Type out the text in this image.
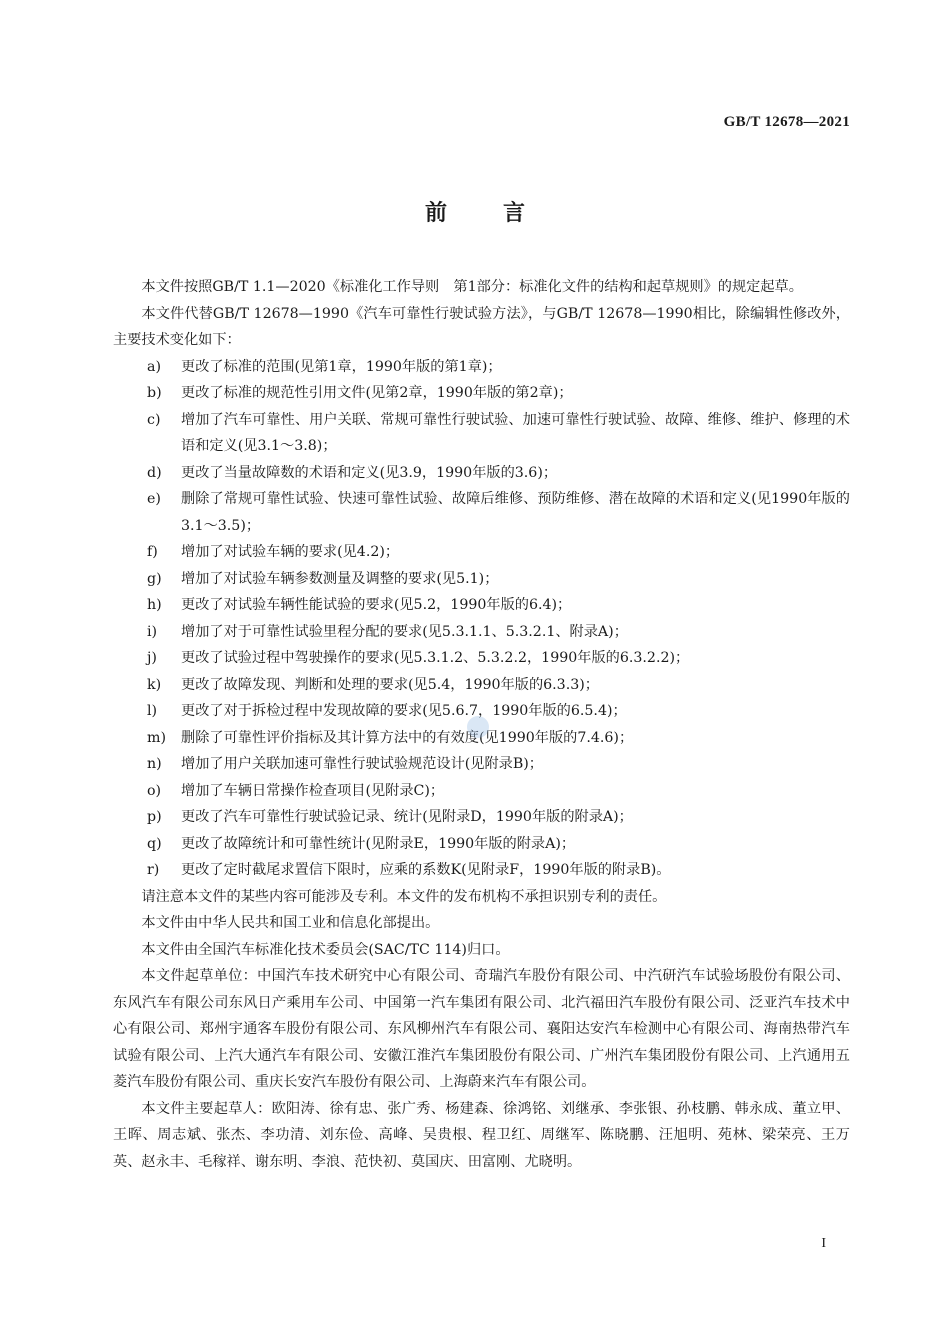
GB/T 12678—2021
前	言

本文件按照GB/T 1.1—2020《标准化工作导则　第1部分：标准化文件的结构和起草规则》的规定起草。

本文件代替GB/T 12678—1990《汽车可靠性行驶试验方法》，与GB/T 12678—1990相比，除编辑性修改外，主要技术变化如下：

a) 更改了标准的范围(见第1章，1990年版的第1章)；
b) 更改了标准的规范性引用文件(见第2章，1990年版的第2章)；
c) 增加了汽车可靠性、用户关联、常规可靠性行驶试验、加速可靠性行驶试验、故障、维修、维护、修理的术语和定义(见3.1～3.8)；
d) 更改了当量故障数的术语和定义(见3.9，1990年版的3.6)；
e) 删除了常规可靠性试验、快速可靠性试验、故障后维修、预防维修、潜在故障的术语和定义(见1990年版的3.1～3.5)；
f) 增加了对试验车辆的要求(见4.2)；
g) 增加了对试验车辆参数测量及调整的要求(见5.1)；
h) 更改了对试验车辆性能试验的要求(见5.2，1990年版的6.4)；
i) 增加了对于可靠性试验里程分配的要求(见5.3.1.1、5.3.2.1、附录A)；
j) 更改了试验过程中驾驶操作的要求(见5.3.1.2、5.3.2.2，1990年版的6.3.2.2)；
k) 更改了故障发现、判断和处理的要求(见5.4，1990年版的6.3.3)；
l) 更改了对于拆检过程中发现故障的要求(见5.6.7，1990年版的6.5.4)；
m) 删除了可靠性评价指标及其计算方法中的有效度(见1990年版的7.4.6)；
n) 增加了用户关联加速可靠性行驶试验规范设计(见附录B)；
o) 增加了车辆日常操作检查项目(见附录C)；
p) 更改了汽车可靠性行驶试验记录、统计(见附录D，1990年版的附录A)；
q) 更改了故障统计和可靠性统计(见附录E，1990年版的附录A)；
r) 更改了定时截尾求置信下限时，应乘的系数K(见附录F，1990年版的附录B)。

请注意本文件的某些内容可能涉及专利。本文件的发布机构不承担识别专利的责任。

本文件由中华人民共和国工业和信息化部提出。

本文件由全国汽车标准化技术委员会(SAC/TC 114)归口。

本文件起草单位：中国汽车技术研究中心有限公司、奇瑞汽车股份有限公司、中汽研汽车试验场股份有限公司、东风汽车有限公司东风日产乘用车公司、中国第一汽车集团有限公司、北汽福田汽车股份有限公司、泛亚汽车技术中心有限公司、郑州宇通客车股份有限公司、东风柳州汽车有限公司、襄阳达安汽车检测中心有限公司、海南热带汽车试验有限公司、上汽大通汽车有限公司、安徽江淮汽车集团股份有限公司、广州汽车集团股份有限公司、上汽通用五菱汽车股份有限公司、重庆长安汽车股份有限公司、上海蔚来汽车有限公司。

本文件主要起草人：欧阳涛、徐有忠、张广秀、杨建森、徐鸿铭、刘继承、李张银、孙枝鹏、韩永成、董立甲、王晖、周志斌、张杰、李功清、刘东俭、高峰、吴贵根、程卫红、周继军、陈晓鹏、汪旭明、苑林、梁荣亮、王万英、赵永丰、毛稼祥、谢东明、李浪、范快初、莫国庆、田富刚、尤晓明。

I
